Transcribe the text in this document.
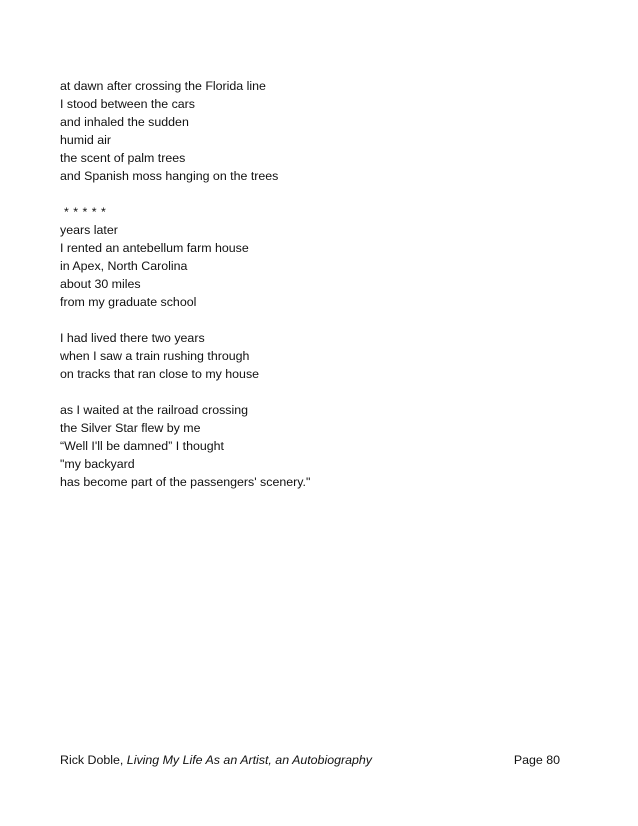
at dawn after crossing the Florida line
I stood between the cars
and inhaled the sudden
humid air
the scent of palm trees
and Spanish moss hanging on the trees
* * * * *
years later
I rented an antebellum farm house
in Apex, North Carolina
about 30 miles
from my graduate school
I had lived there two years
when I saw a train rushing through
on tracks that ran close to my house
as I waited at the railroad crossing
the Silver Star flew by me
“Well I'll be damned” I thought
"my backyard
has become part of the passengers' scenery."
Rick Doble, Living My Life As an Artist, an Autobiography	Page 80
